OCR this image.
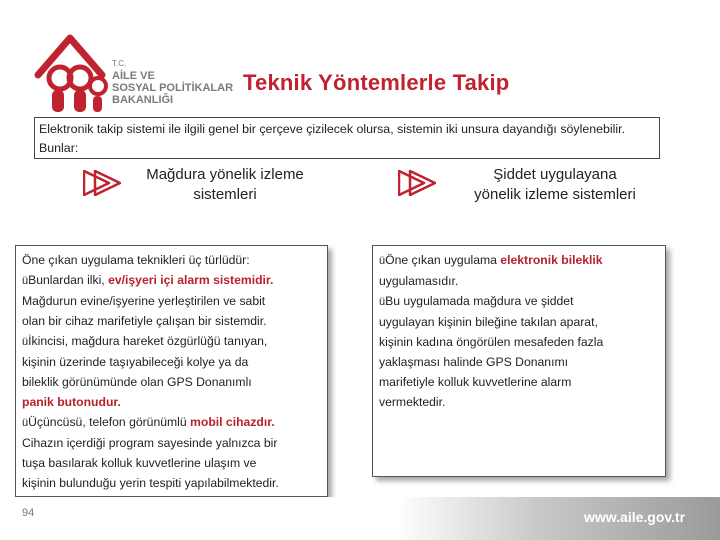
T.C.
AİLE VE
SOSYAL POLİTİKALAR
BAKANLIĞI
Teknik Yöntemlerle Takip
Elektronik takip sistemi ile ilgili genel bir çerçeve çizilecek olursa, sistemin iki unsura dayandığı söylenebilir. Bunlar:
Mağdura yönelik izleme
sistemleri
Şiddet uygulayana
yönelik izleme sistemleri
Öne çıkan uygulama teknikleri üç türlüdür:
üBunlardan ilki, ev/işyeri içi alarm sistemidir.
Mağdurun evine/işyerine yerleştirilen ve sabit
olan bir cihaz marifetiyle çalışan bir sistemdir.
üİkincisi, mağdura hareket özgürlüğü tanıyan,
kişinin üzerinde taşıyabileceği kolye ya da
bileklik görünümünde olan GPS Donanımlı
panik butonudur.
üÜçüncüsü, telefon görünümlü mobil cihazdır.
Cihazın içerdiği program sayesinde yalnızca bir
tuşa basılarak kolluk kuvvetlerine ulaşım ve
kişinin bulunduğu yerin tespiti yapılabilmektedir.
üÖne çıkan uygulama elektronik bileklik
uygulamasıdır.
üBu uygulamada mağdura ve şiddet
uygulayan kişinin bileğine takılan aparat,
kişinin kadına öngörülen mesafeden fazla
yaklaşması halinde GPS Donanımı
marifetiyle kolluk kuvvetlerine alarm
vermektedir.
94	www.aile.gov.tr
